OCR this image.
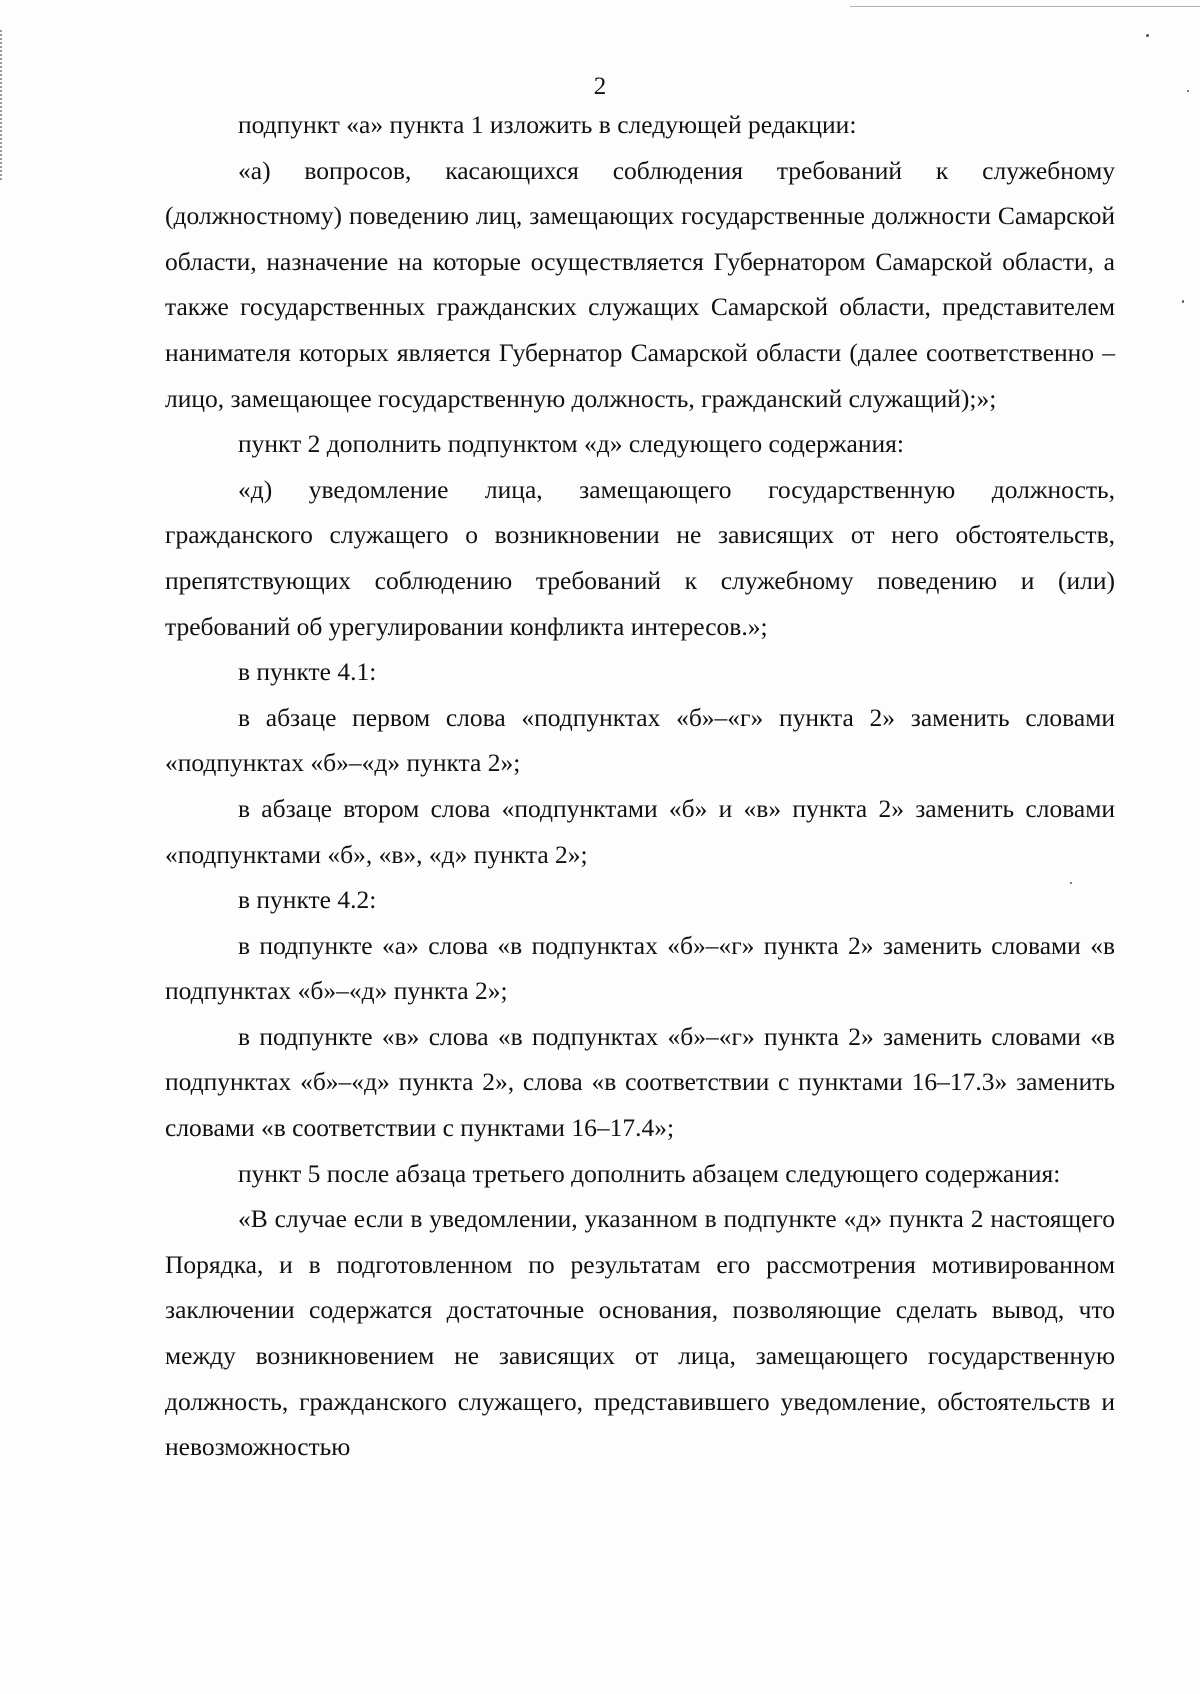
2

подпункт «а» пункта 1 изложить в следующей редакции:

«а) вопросов, касающихся соблюдения требований к служебному (должностному) поведению лиц, замещающих государственные должности Самарской области, назначение на которые осуществляется Губернатором Самарской области, а также государственных гражданских служащих Самарской области, представителем нанимателя которых является Губернатор Самарской области (далее соответственно – лицо, замещающее государственную должность, гражданский служащий);»;

пункт 2 дополнить подпунктом «д» следующего содержания:

«д) уведомление лица, замещающего государственную должность, гражданского служащего о возникновении не зависящих от него обстоятельств, препятствующих соблюдению требований к служебному поведению и (или) требований об урегулировании конфликта интересов.»;

в пункте 4.1:

в абзаце первом слова «подпунктах «б»–«г» пункта 2» заменить словами «подпунктах «б»–«д» пункта 2»;

в абзаце втором слова «подпунктами «б» и «в» пункта 2» заменить словами «подпунктами «б», «в», «д» пункта 2»;

в пункте 4.2:

в подпункте «а» слова «в подпунктах «б»–«г» пункта 2» заменить словами «в подпунктах «б»–«д» пункта 2»;

в подпункте «в» слова «в подпунктах «б»–«г» пункта 2» заменить словами «в подпунктах «б»–«д» пункта 2», слова «в соответствии с пунктами 16–17.3» заменить словами «в соответствии с пунктами 16–17.4»;

пункт 5 после абзаца третьего дополнить абзацем следующего содержания:

«В случае если в уведомлении, указанном в подпункте «д» пункта 2 настоящего Порядка, и в подготовленном по результатам его рассмотрения мотивированном заключении содержатся достаточные основания, позволяющие сделать вывод, что между возникновением не зависящих от лица, замещающего государственную должность, гражданского служащего, представившего уведомление, обстоятельств и невозможностью
